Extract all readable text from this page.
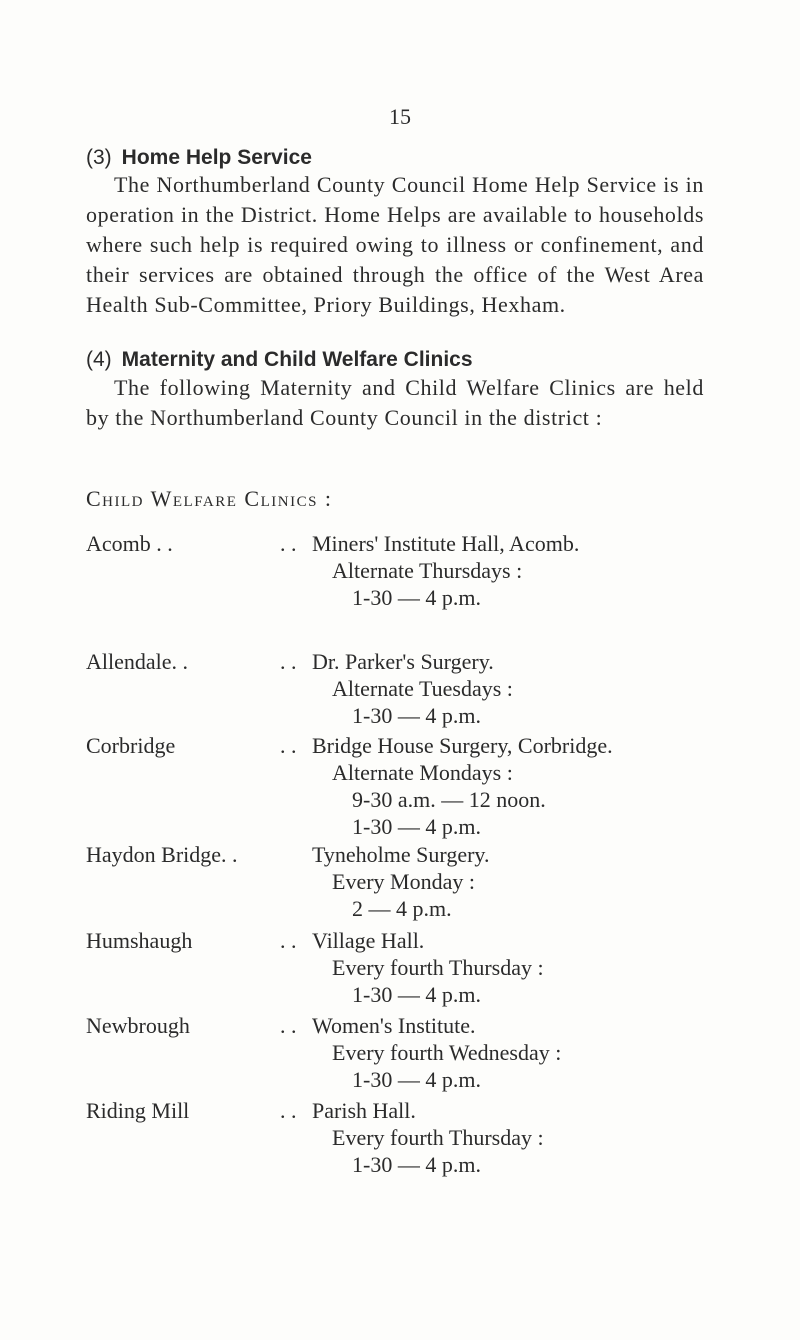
15
(3) Home Help Service

The Northumberland County Council Home Help Service is in operation in the District. Home Helps are available to households where such help is required owing to illness or confinement, and their services are obtained through the office of the West Area Health Sub-Committee, Priory Buildings, Hexham.

(4) Maternity and Child Welfare Clinics

The following Maternity and Child Welfare Clinics are held by the Northumberland County Council in the district :

Child Welfare Clinics :
Acomb . .	. . Miners' Institute Hall, Acomb.
Alternate Thursdays :
1-30 — 4 p.m.
Allendale. .	. . Dr. Parker's Surgery.
Alternate Tuesdays :
1-30 — 4 p.m.
Corbridge	. . Bridge House Surgery, Corbridge.
Alternate Mondays :
9-30 a.m. — 12 noon.
1-30 — 4 p.m.
Haydon Bridge. .	Tyneholme Surgery.
Every Monday :
2 — 4 p.m.
Humshaugh	. . Village Hall.
Every fourth Thursday :
1-30 — 4 p.m.
Newbrough	. . Women's Institute.
Every fourth Wednesday :
1-30 — 4 p.m.
Riding Mill	. . Parish Hall.
Every fourth Thursday :
1-30 — 4 p.m.
